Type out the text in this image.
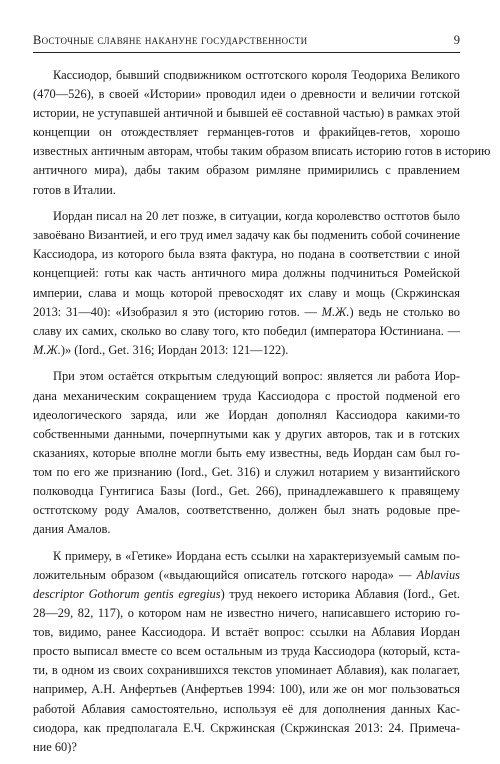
Восточные славяне накануне государственности	9

Кассиодор, бывший сподвижником остготского короля Теодориха Великого
(470—526), в своей «Истории» проводил идеи о древности и величии готской
истории, не уступавшей античной и бывшей её составной частью) в рамках этой
концепции он отождествляет германцев-готов и фракийцев-гетов, хорошо
известных античным авторам, чтобы таким образом вписать историю готов в историю
античного мира), дабы таким образом римляне примирились с правлением
готов в Италии.

Иордан писал на 20 лет позже, в ситуации, когда королевство остготов было
завоёвано Византией, и его труд имел задачу как бы подменить собой сочинение
Кассиодора, из которого была взята фактура, но подана в соответствии с иной
концепцией: готы как часть античного мира должны подчиниться Ромейской
империи, слава и мощь которой превосходят их славу и мощь (Скржинская
2013: 31—40): «Изобразил я это (историю готов. — М.Ж.) ведь не столько во
славу их самих, сколько во славу того, кто победил (императора Юстиниана. —
М.Ж.)» (Iord., Get. 316; Иордан 2013: 121—122).

При этом остаётся открытым следующий вопрос: является ли работа Иор-
дана механическим сокращением труда Кассиодора с простой подменой его
идеологического заряда, или же Иордан дополнял Кассиодора какими-то
собственными данными, почерпнутыми как у других авторов, так и в готских
сказаниях, которые вполне могли быть ему известны, ведь Иордан сам был го-
том по его же признанию (Iord., Get. 316) и служил нотарием у византийского
полководца Гунтигиса Базы (Iord., Get. 266), принадлежавшего к правящему
остготскому роду Амалов, соответственно, должен был знать родовые пре-
дания Амалов.

К примеру, в «Гетике» Иордана есть ссылки на характеризуемый самым по-
ложительным образом («выдающийся описатель готского народа» — Ablavius
descriptor Gothorum gentis egregius) труд некоего историка Аблавия (Iord., Get.
28—29, 82, 117), о котором нам не известно ничего, написавшего историю го-
тов, видимо, ранее Кассиодора. И встаёт вопрос: ссылки на Аблавия Иордан
просто выписал вместе со всем остальным из труда Кассиодора (который, кста-
ти, в одном из своих сохранившихся текстов упоминает Аблавия), как полагает,
например, А.Н. Анфертьев (Анфертьев 1994: 100), или же он мог пользоваться
работой Аблавия самостоятельно, используя её для дополнения данных Кас-
сиодора, как предполагала Е.Ч. Скржинская (Скржинская 2013: 24. Примеча-
ние 60)?
